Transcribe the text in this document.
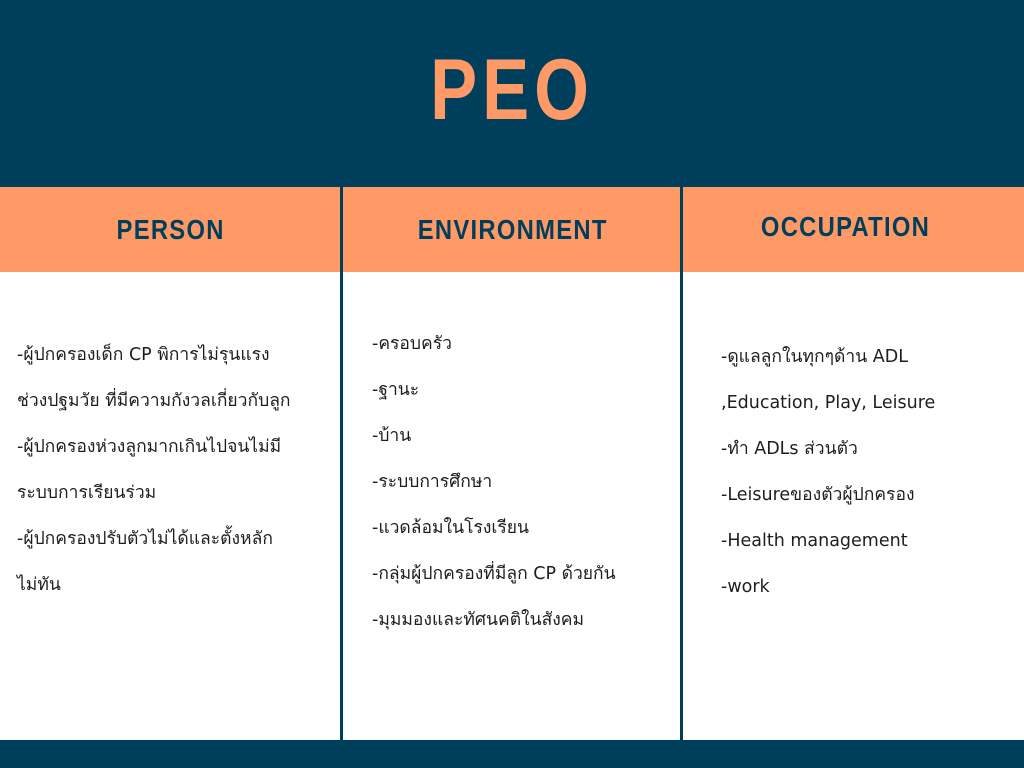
PEO
PERSON	ENVIRONMENT	OCCUPATION
-ผู้ปกครองเด็ก CP พิการไม่รุนแรง
ช่วงปฐมวัย ที่มีความกังวลเกี่ยวกับลูก
-ผู้ปกครองห่วงลูกมากเกินไปจนไม่มี
ระบบการเรียนร่วม
-ผู้ปกครองปรับตัวไม่ได้และตั้งหลัก
ไม่ทัน
-ครอบครัว
-ฐานะ
-บ้าน
-ระบบการศึกษา
-แวดล้อมในโรงเรียน
-กลุ่มผู้ปกครองที่มีลูก CP ด้วยกัน
-มุมมองและทัศนคติในสังคม
-ดูแลลูกในทุกๆด้าน ADL
,Education, Play, Leisure
-ทำ ADLs ส่วนตัว
-Leisureของตัวผู้ปกครอง
-Health management
-work
